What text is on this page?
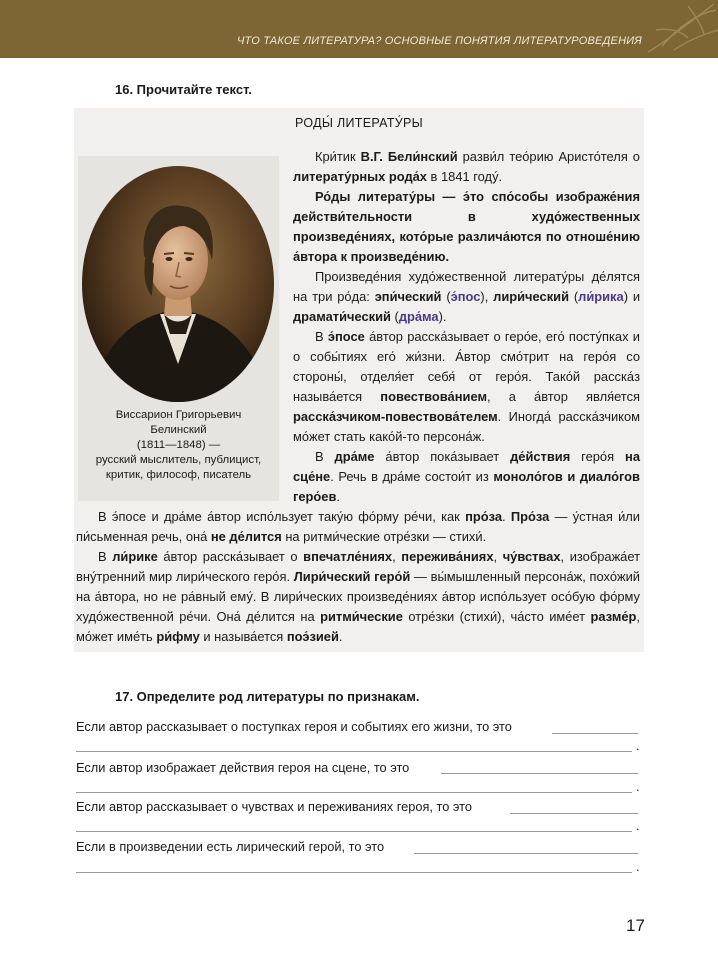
ЧТО ТАКОЕ ЛИТЕРАТУРА? ОСНОВНЫЕ ПОНЯТИЯ ЛИТЕРАТУРОВЕДЕНИЯ
16. Прочитайте текст.
РОДЫ́ ЛИТЕРАТУ́РЫ
Виссарион Григорьевич
Белинский
(1811—1848) —
русский мыслитель, публицист,
критик, философ, писатель

Кри́тик В.Г. Бели́нский разви́л тео́рию Аристо́теля о литерату́рных рода́х в 1841 году́.

Ро́ды литерату́ры — э́то спо́собы изображе́ния действи́тельности в худо́жественных произведе́ниях, кото́рые различа́ются по отноше́нию а́втора к произведе́нию.

Произведе́ния худо́жественной литерату́ры де́лятся на три ро́да: эпи́ческий (э́пос), лири́ческий (ли́рика) и драмати́ческий (дра́ма).

В э́посе а́втор расска́зывает о геро́е, его́ посту́пках и о собы́тиях его́ жи́зни. А́втор смо́трит на геро́я со стороны́, отделя́ет себя́ от геро́я. Тако́й расска́з называ́ется повествова́нием, а а́втор явля́ется расска́зчиком-повествова́телем. Иногда́ расска́зчиком мо́жет стать како́й-то персона́ж.

В дра́ме а́втор пока́зывает де́йствия геро́я на сце́не. Речь в дра́ме состои́т из моноло́гов и диало́гов геро́ев.

В э́посе и дра́ме а́втор испо́льзует таку́ю фо́рму ре́чи, как про́за. Про́за — у́стная и́ли пи́сьменная речь, она́ не де́лится на ритми́ческие отре́зки — стихи́.

В ли́рике а́втор расска́зывает о впечатле́ниях, пережива́ниях, чу́вствах, изобража́ет вну́тренний мир лири́ческого геро́я. Лири́ческий геро́й — вы́мышленный персона́ж, похо́жий на а́втора, но не ра́вный ему́. В лири́ческих произведе́ниях а́втор испо́льзует осо́бую фо́рму худо́жественной ре́чи. Она́ де́лится на ритми́ческие отре́зки (стихи́), ча́сто име́ет разме́р, мо́жет име́ть ри́фму и называ́ется поэ́зией.

17. Определите род литературы по признакам.
Если автор рассказывает о поступках героя и событиях его жизни, то это
.
Если автор изображает действия героя на сцене, то это
.
Если автор рассказывает о чувствах и переживаниях героя, то это
.
Если в произведении есть лирический герой, то это
.
17
